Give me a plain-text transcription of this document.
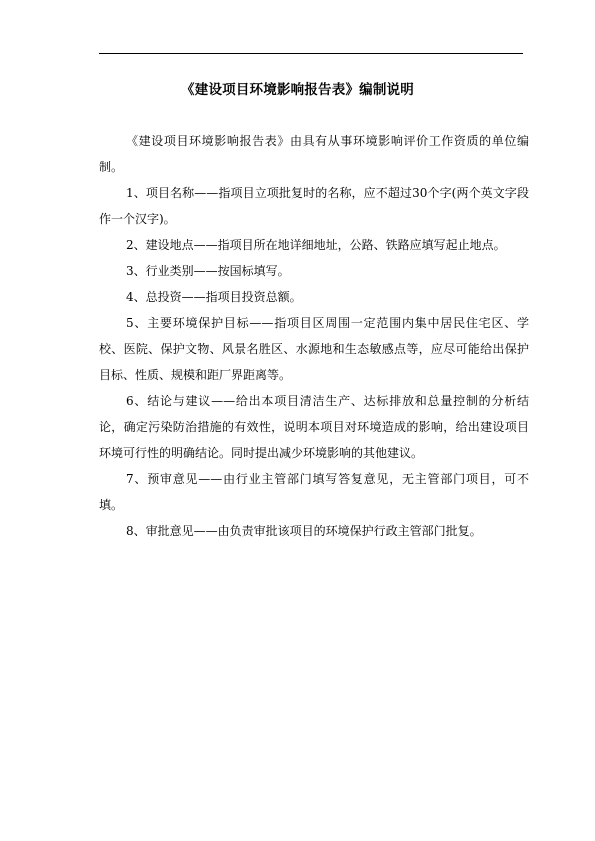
《建设项目环境影响报告表》编制说明

《建设项目环境影响报告表》由具有从事环境影响评价工作资质的单位编制。

1、项目名称——指项目立项批复时的名称，应不超过30个字(两个英文字段作一个汉字)。

2、建设地点——指项目所在地详细地址，公路、铁路应填写起止地点。

3、行业类别——按国标填写。

4、总投资——指项目投资总额。

5、主要环境保护目标——指项目区周围一定范围内集中居民住宅区、学校、医院、保护文物、风景名胜区、水源地和生态敏感点等，应尽可能给出保护目标、性质、规模和距厂界距离等。

6、结论与建议——给出本项目清洁生产、达标排放和总量控制的分析结论，确定污染防治措施的有效性，说明本项目对环境造成的影响，给出建设项目环境可行性的明确结论。同时提出减少环境影响的其他建议。

7、预审意见——由行业主管部门填写答复意见，无主管部门项目，可不填。

8、审批意见——由负责审批该项目的环境保护行政主管部门批复。
